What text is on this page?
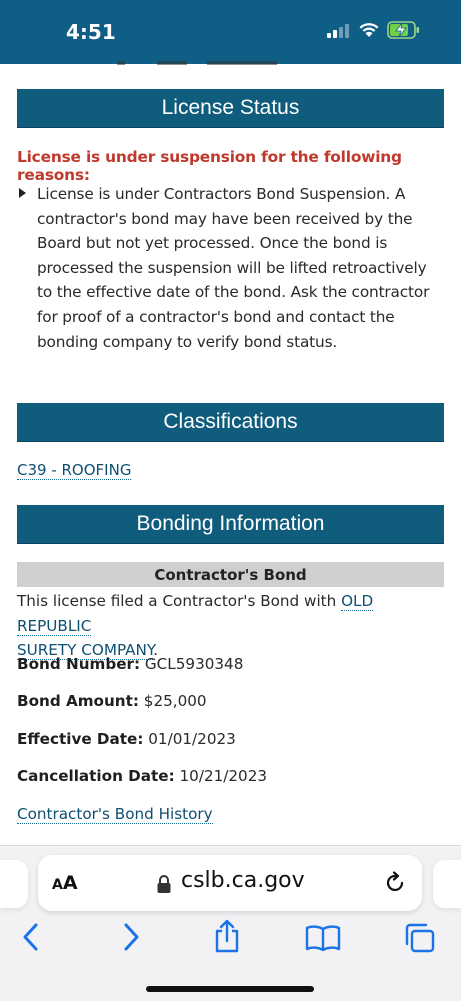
4:51
License Status
License is under suspension for the following reasons:
License is under Contractors Bond Suspension. A contractor's bond may have been received by the Board but not yet processed. Once the bond is processed the suspension will be lifted retroactively to the effective date of the bond. Ask the contractor for proof of a contractor's bond and contact the bonding company to verify bond status.
Classifications
C39 - ROOFING
Bonding Information
Contractor's Bond
This license filed a Contractor's Bond with OLD REPUBLIC
SURETY COMPANY.
Bond Number: GCL5930348
Bond Amount: $25,000
Effective Date: 01/01/2023
Cancellation Date: 10/21/2023
Contractor's Bond History
AA	cslb.ca.gov
